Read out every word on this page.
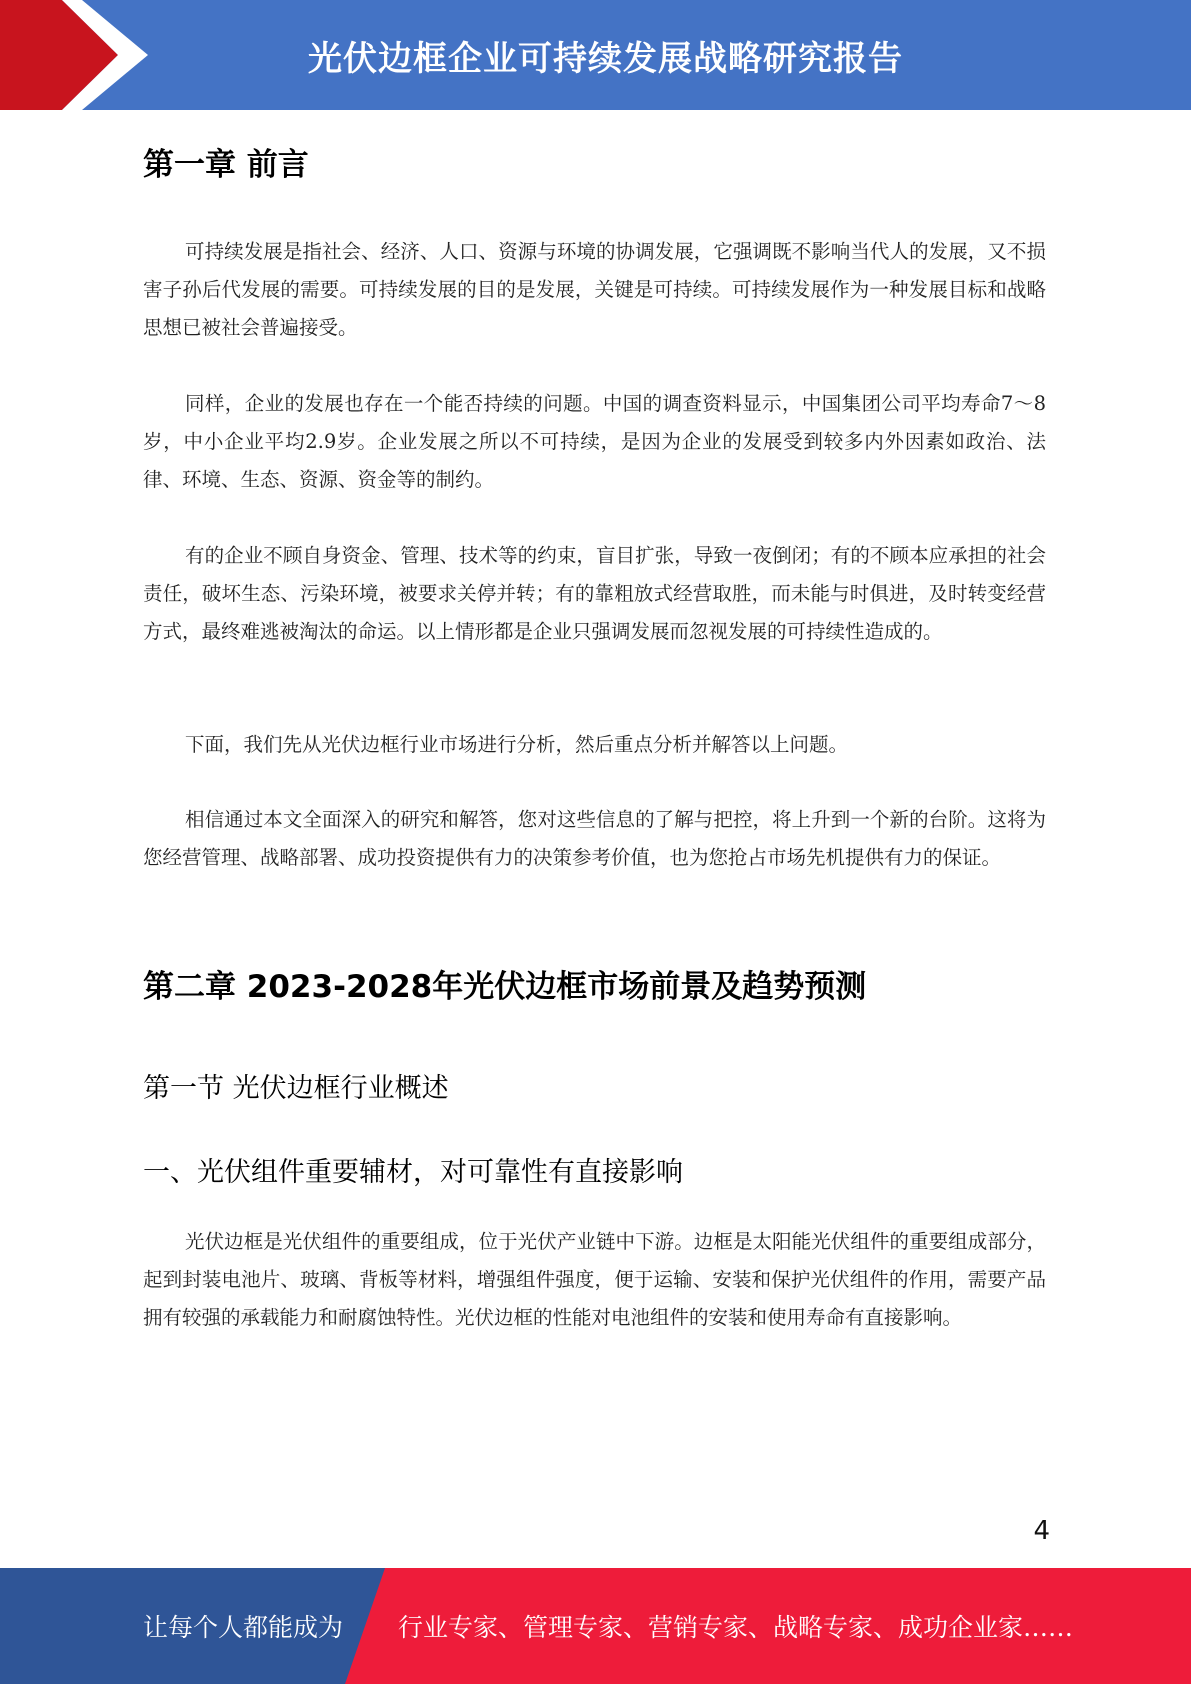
光伏边框企业可持续发展战略研究报告
第一章 前言

可持续发展是指社会、经济、人口、资源与环境的协调发展，它强调既不影响当代人的发展，又不损害子孙后代发展的需要。可持续发展的目的是发展，关键是可持续。可持续发展作为一种发展目标和战略思想已被社会普遍接受。

同样，企业的发展也存在一个能否持续的问题。中国的调查资料显示，中国集团公司平均寿命7～8岁，中小企业平均2.9岁。企业发展之所以不可持续，是因为企业的发展受到较多内外因素如政治、法律、环境、生态、资源、资金等的制约。

有的企业不顾自身资金、管理、技术等的约束，盲目扩张，导致一夜倒闭；有的不顾本应承担的社会责任，破坏生态、污染环境，被要求关停并转；有的靠粗放式经营取胜，而未能与时俱进，及时转变经营方式，最终难逃被淘汰的命运。以上情形都是企业只强调发展而忽视发展的可持续性造成的。

下面，我们先从光伏边框行业市场进行分析，然后重点分析并解答以上问题。

相信通过本文全面深入的研究和解答，您对这些信息的了解与把控，将上升到一个新的台阶。这将为您经营管理、战略部署、成功投资提供有力的决策参考价值，也为您抢占市场先机提供有力的保证。

第二章 2023-2028年光伏边框市场前景及趋势预测
第一节 光伏边框行业概述
一、光伏组件重要辅材，对可靠性有直接影响

光伏边框是光伏组件的重要组成，位于光伏产业链中下游。边框是太阳能光伏组件的重要组成部分，起到封装电池片、玻璃、背板等材料，增强组件强度，便于运输、安装和保护光伏组件的作用，需要产品拥有较强的承载能力和耐腐蚀特性。光伏边框的性能对电池组件的安装和使用寿命有直接影响。

4
让每个人都能成为 行业专家、管理专家、营销专家、战略专家、成功企业家……
